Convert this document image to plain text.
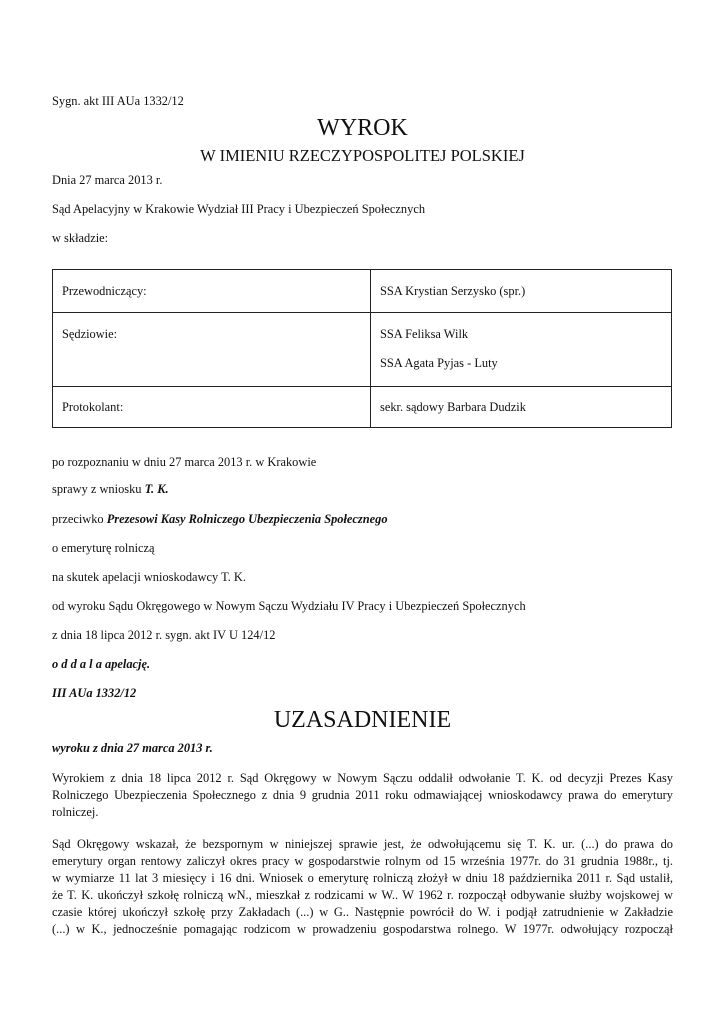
Sygn. akt III AUa 1332/12
WYROK
W IMIENIU RZECZYPOSPOLITEJ POLSKIEJ
Dnia 27 marca 2013 r.
Sąd Apelacyjny w Krakowie Wydział III Pracy i Ubezpieczeń Społecznych
w składzie:
Przewodniczący:	SSA Krystian Serzysko (spr.)

Sędziowie:	SSA Feliksa Wilk
SSA Agata Pyjas - Luty

Protokolant:	sekr. sądowy Barbara Dudzik
po rozpoznaniu w dniu 27 marca 2013 r. w Krakowie
sprawy z wniosku T. K.
przeciwko Prezesowi Kasy Rolniczego Ubezpieczenia Społecznego
o emeryturę rolniczą
na skutek apelacji wnioskodawcy T. K.
od wyroku Sądu Okręgowego w Nowym Sączu Wydziału IV Pracy i Ubezpieczeń Społecznych
z dnia 18 lipca 2012 r. sygn. akt IV U 124/12
o d d a l a apelację.
III AUa 1332/12
UZASADNIENIE
wyroku z dnia 27 marca 2013 r.
Wyrokiem z dnia 18 lipca 2012 r. Sąd Okręgowy w Nowym Sączu oddalił odwołanie T. K. od decyzji Prezes Kasy
Rolniczego Ubezpieczenia Społecznego z dnia 9 grudnia 2011 roku odmawiającej wnioskodawcy prawa do emerytury
rolniczej.
Sąd Okręgowy wskazał, że bezspornym w niniejszej sprawie jest, że odwołującemu się T. K. ur. (...) do prawa do
emerytury organ rentowy zaliczył okres pracy w gospodarstwie rolnym od 15 września 1977r. do 31 grudnia 1988r., tj.
w wymiarze 11 lat 3 miesięcy i 16 dni. Wniosek o emeryturę rolniczą złożył w dniu 18 października 2011 r. Sąd ustalił,
że T. K. ukończył szkołę rolniczą wN., mieszkał z rodzicami w W.. W 1962 r. rozpoczął odbywanie służby wojskowej w
czasie której ukończył szkołę przy Zakładach (...) w G.. Następnie powrócił do W. i podjął zatrudnienie w Zakładzie
(...) w K., jednocześnie pomagając rodzicom w prowadzeniu gospodarstwa rolnego. W 1977r. odwołujący rozpoczął
